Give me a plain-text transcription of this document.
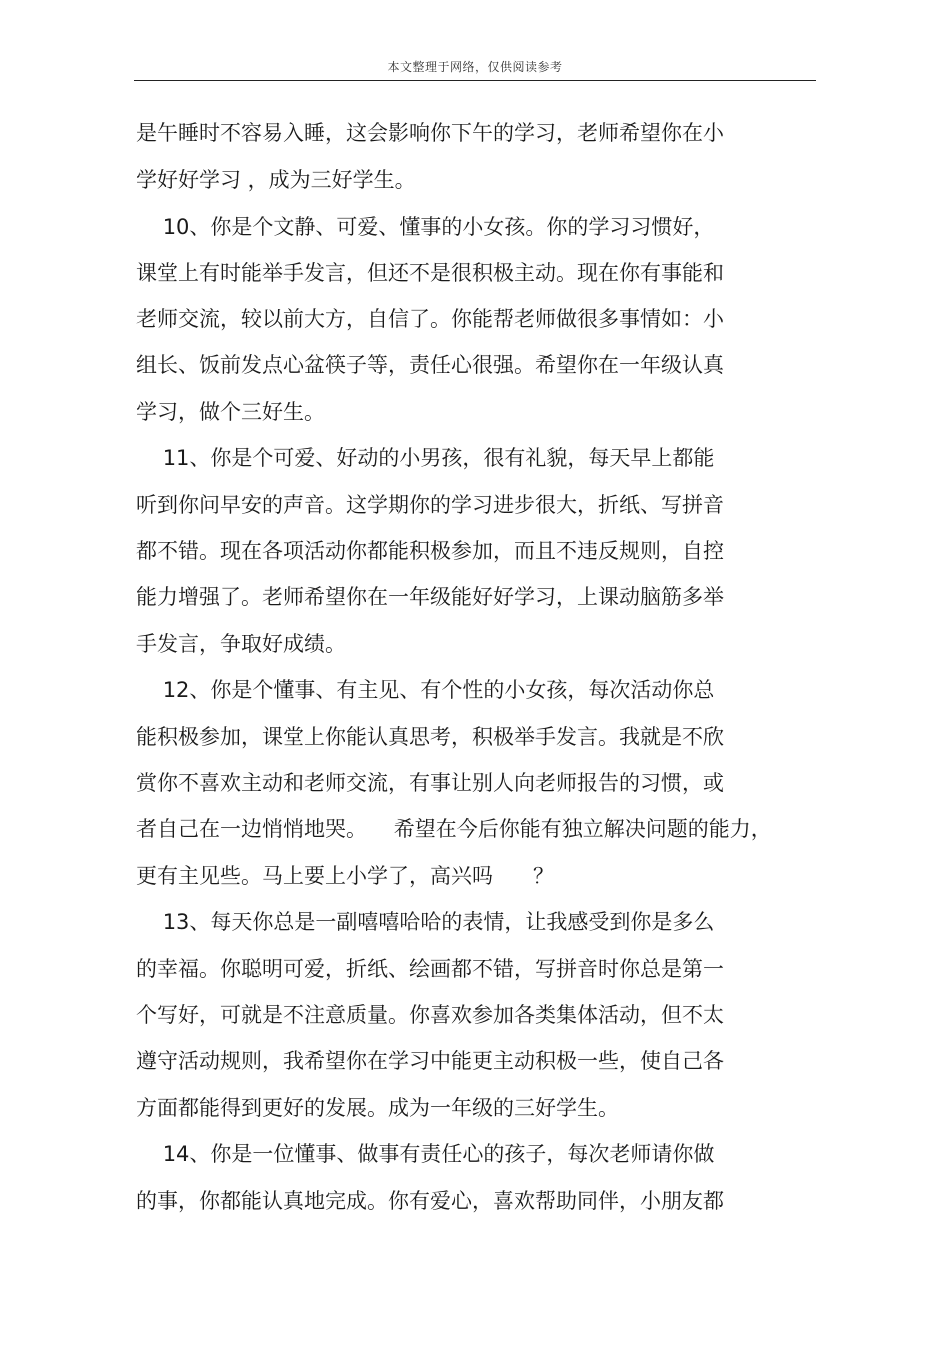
本文整理于网络，仅供阅读参考
是午睡时不容易入睡，这会影响你下午的学习，老师希望你在小
学好好学习 ，成为三好学生。
10、你是个文静、可爱、懂事的小女孩。你的学习习惯好，
课堂上有时能举手发言，但还不是很积极主动。现在你有事能和
老师交流，较以前大方，自信了。你能帮老师做很多事情如：小
组长、饭前发点心盆筷子等，责任心很强。希望你在一年级认真
学习，做个三好生。
11、你是个可爱、好动的小男孩，很有礼貌，每天早上都能
听到你问早安的声音。这学期你的学习进步很大，折纸、写拼音
都不错。现在各项活动你都能积极参加，而且不违反规则，自控
能力增强了。老师希望你在一年级能好好学习，上课动脑筋多举
手发言，争取好成绩。
12、你是个懂事、有主见、有个性的小女孩，每次活动你总
能积极参加，课堂上你能认真思考，积极举手发言。我就是不欣
赏你不喜欢主动和老师交流，有事让别人向老师报告的习惯，或
者自己在一边悄悄地哭。    希望在今后你能有独立解决问题的能力，
更有主见些。马上要上小学了，高兴吗      ？
13、每天你总是一副嘻嘻哈哈的表情，让我感受到你是多么
的幸福。你聪明可爱，折纸、绘画都不错，写拼音时你总是第一
个写好，可就是不注意质量。你喜欢参加各类集体活动，但不太
遵守活动规则，我希望你在学习中能更主动积极一些，使自己各
方面都能得到更好的发展。成为一年级的三好学生。
14、你是一位懂事、做事有责任心的孩子，每次老师请你做
的事，你都能认真地完成。你有爱心，喜欢帮助同伴，小朋友都
